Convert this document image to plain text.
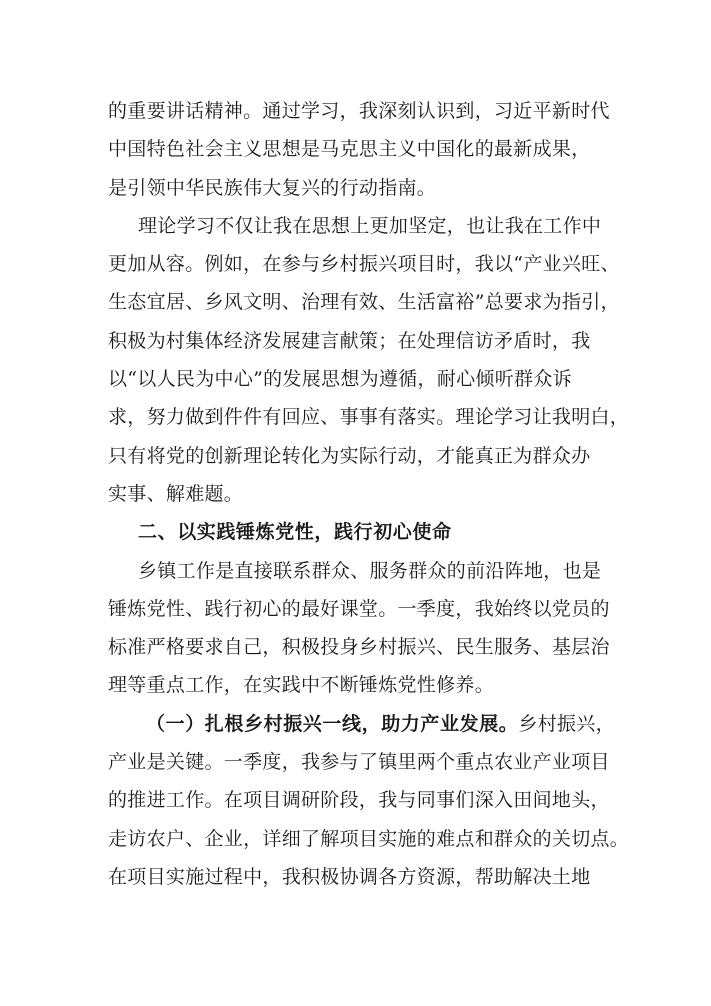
的重要讲话精神。通过学习，我深刻认识到，习近平新时代
中国特色社会主义思想是马克思主义中国化的最新成果，
是引领中华民族伟大复兴的行动指南。
理论学习不仅让我在思想上更加坚定，也让我在工作中
更加从容。例如，在参与乡村振兴项目时，我以“产业兴旺、
生态宜居、乡风文明、治理有效、生活富裕”总要求为指引，
积极为村集体经济发展建言献策；在处理信访矛盾时，我
以“以人民为中心”的发展思想为遵循，耐心倾听群众诉
求，努力做到件件有回应、事事有落实。理论学习让我明白，
只有将党的创新理论转化为实际行动，才能真正为群众办
实事、解难题。
二、以实践锤炼党性，践行初心使命
乡镇工作是直接联系群众、服务群众的前沿阵地，也是
锤炼党性、践行初心的最好课堂。一季度，我始终以党员的
标准严格要求自己，积极投身乡村振兴、民生服务、基层治
理等重点工作，在实践中不断锤炼党性修养。
（一）扎根乡村振兴一线，助力产业发展。乡村振兴，
产业是关键。一季度，我参与了镇里两个重点农业产业项目
的推进工作。在项目调研阶段，我与同事们深入田间地头，
走访农户、企业，详细了解项目实施的难点和群众的关切点。
在项目实施过程中，我积极协调各方资源，帮助解决土地
